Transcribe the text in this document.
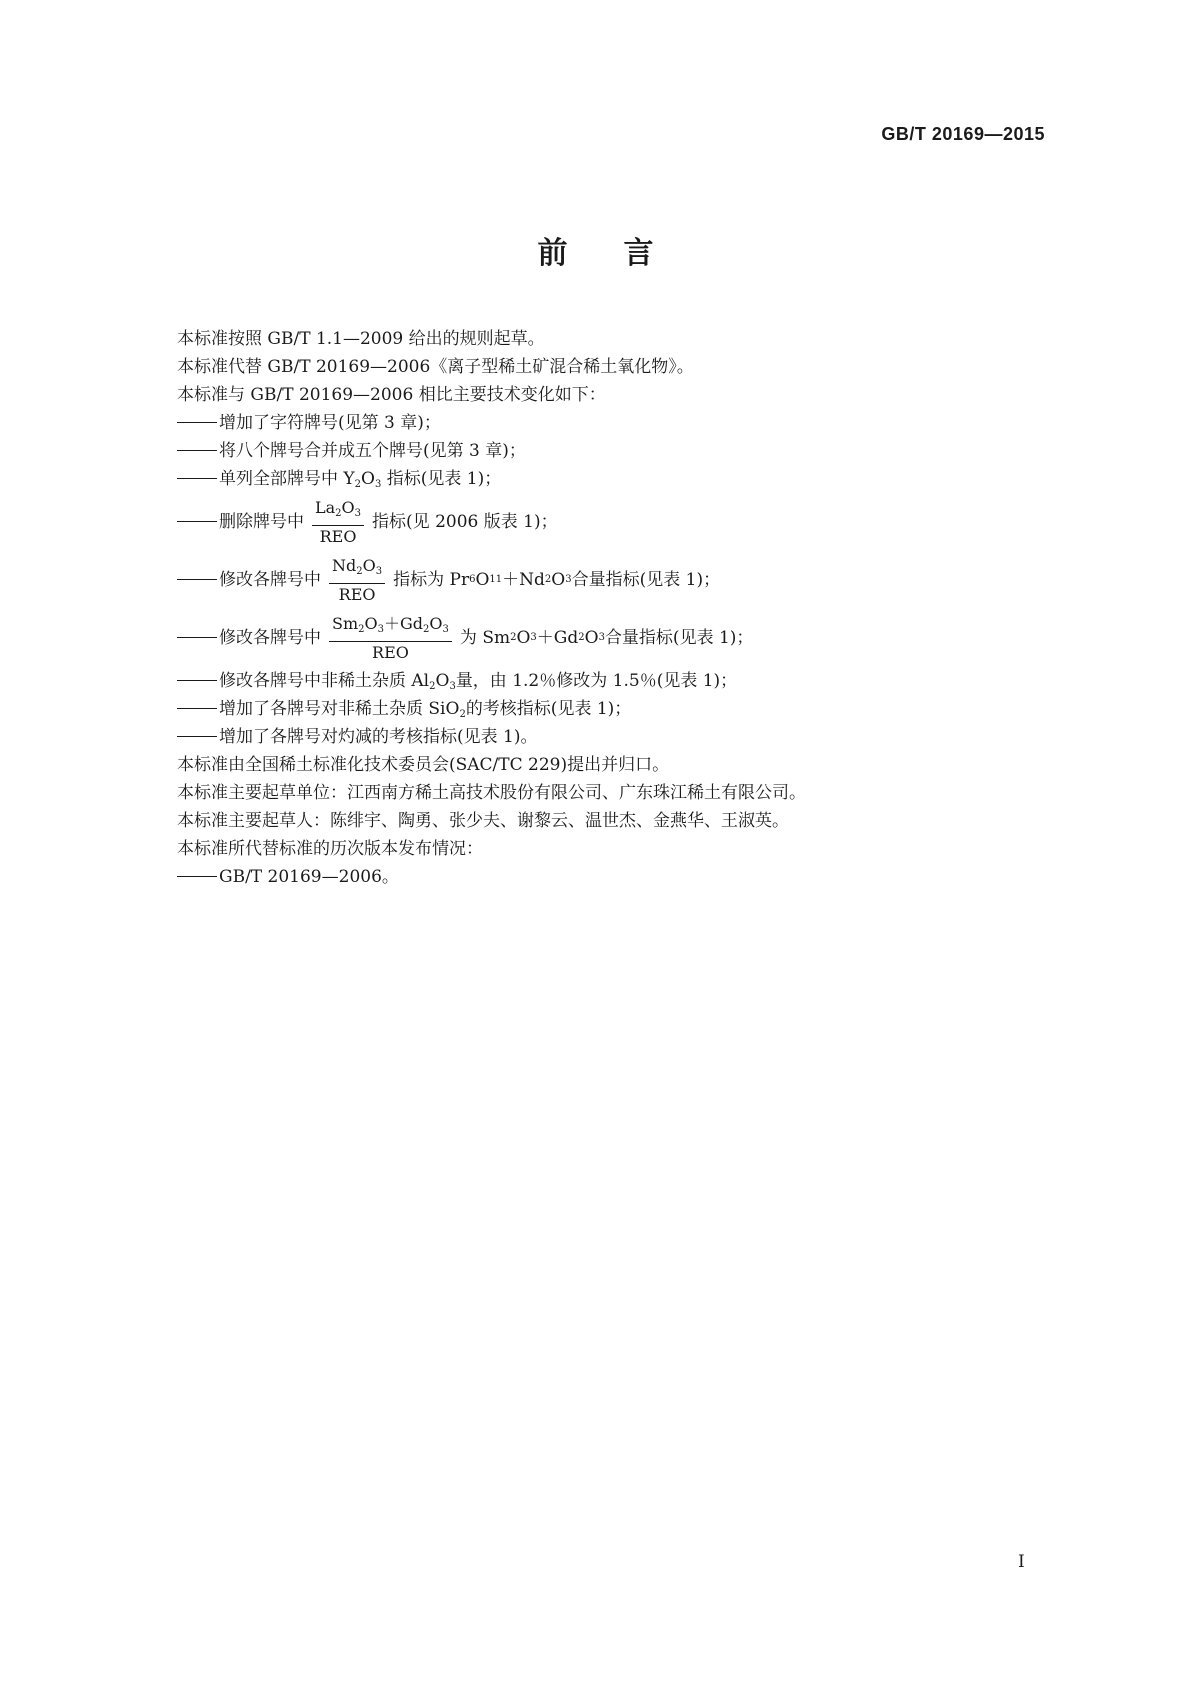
GB/T 20169—2015
前言
本标准按照 GB/T 1.1—2009 给出的规则起草。
本标准代替 GB/T 20169—2006《离子型稀土矿混合稀土氧化物》。
本标准与 GB/T 20169—2006 相比主要技术变化如下：
增加了字符牌号(见第 3 章)；
将八个牌号合并成五个牌号(见第 3 章)；
单列全部牌号中 $Y_2O_3$ 指标(见表 1)；
删除牌号中 $\frac{La_2O_3}{\text{REO}}$ 指标(见 2006 版表 1)；
修改各牌号中 $\frac{Nd_2O_3}{\text{REO}}$ 指标为 Pr 6 O 11 ＋Nd 2 O 3 合量指标(见表 1)；
修改各牌号中 $\frac{Sm_2O_3+Gd_2O_3}{\text{REO}}$ 为 Sm 2 O 3 ＋Gd 2 O 3 合量指标(见表 1)；
修改各牌号中非稀土杂质 $Al_2O_3$量，由 1.2％修改为 1.5％(见表 1)；
增加了各牌号对非稀土杂质 SiO$_2$的考核指标(见表 1)；
增加了各牌号对灼减的考核指标(见表 1)。
本标准由全国稀土标准化技术委员会(SAC/TC 229)提出并归口。
本标准主要起草单位：江西南方稀土高技术股份有限公司、广东珠江稀土有限公司。
本标准主要起草人：陈绯宇、陶勇、张少夫、谢黎云、温世杰、金燕华、王淑英。
本标准所代替标准的历次版本发布情况：
GB/T 20169—2006。
I
